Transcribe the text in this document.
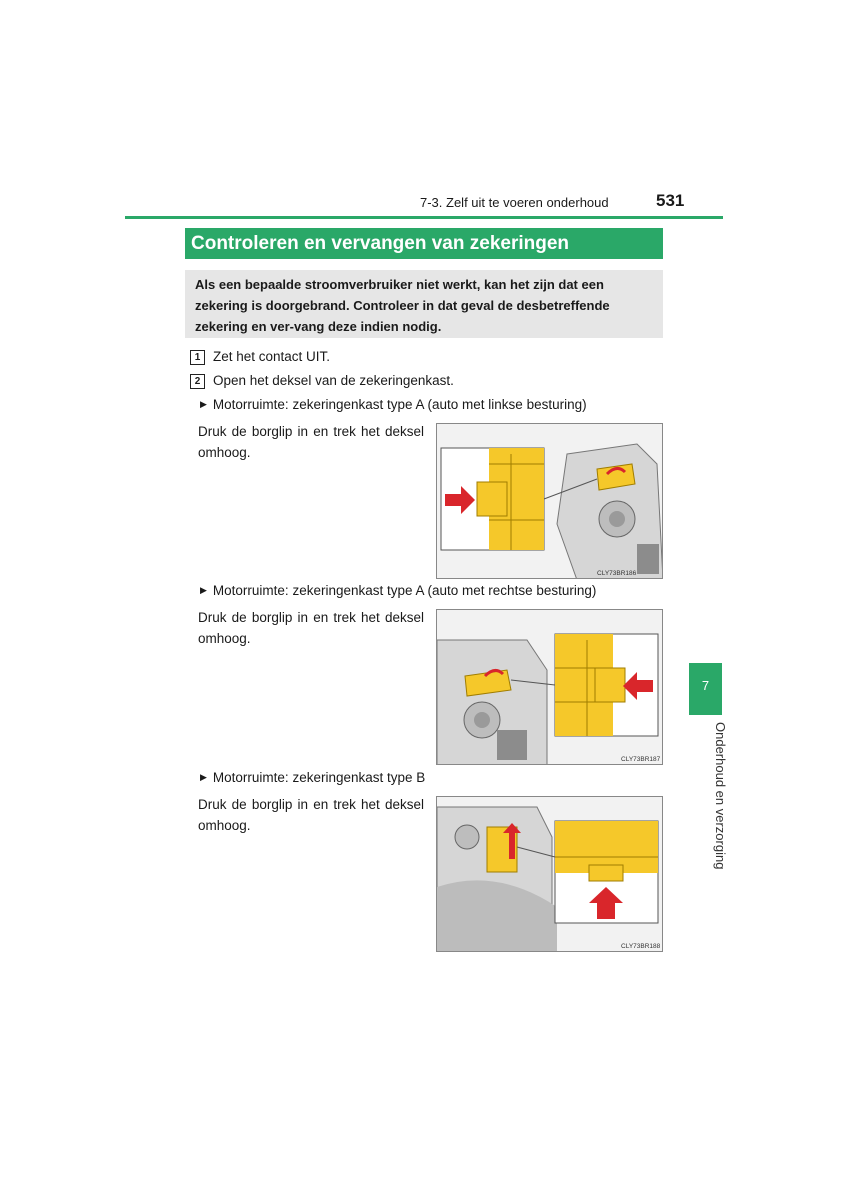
7-3. Zelf uit te voeren onderhoud	531
Controleren en vervangen van zekeringen
Als een bepaalde stroomverbruiker niet werkt, kan het zijn dat een zekering is doorgebrand. Controleer in dat geval de desbetreffende zekering en ver-vang deze indien nodig.
1 Zet het contact UIT.
2 Open het deksel van de zekeringenkast.
▶ Motorruimte: zekeringenkast type A (auto met linkse besturing)
Druk de borglip in en trek het deksel omhoog.
CLY73BR186
▶ Motorruimte: zekeringenkast type A (auto met rechtse besturing)
Druk de borglip in en trek het deksel omhoog.
CLY73BR187
▶ Motorruimte: zekeringenkast type B
Druk de borglip in en trek het deksel omhoog.
CLY73BR188
7
Onderhoud en verzorging
